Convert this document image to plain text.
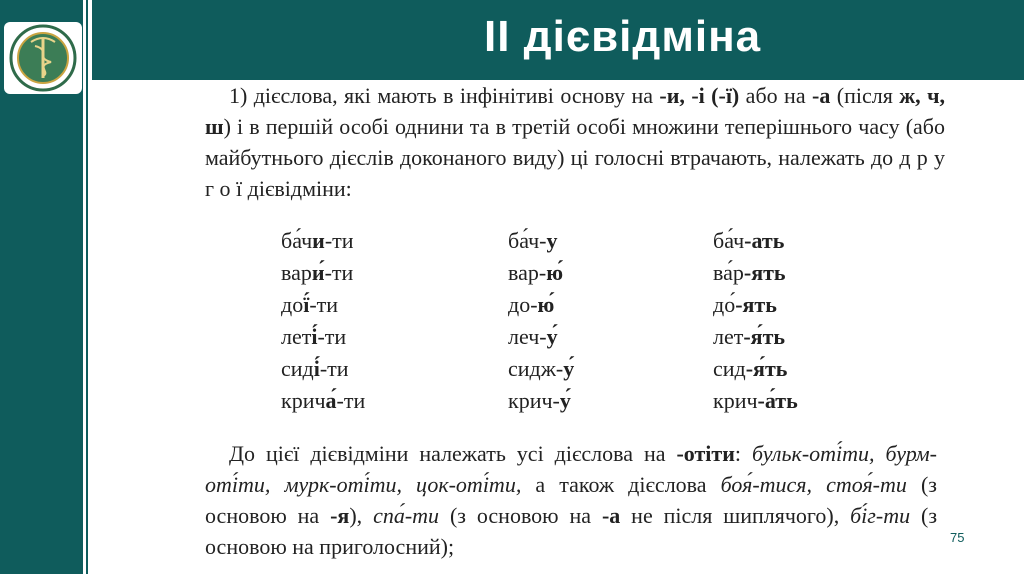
II дієвідміна

1) дієслова, які мають в інфінітиві основу на -и, -і (-ї) або на -а (після ж, ч, ш) і в першій особі однини та в третій особі множини теперішнього часу (або майбутнього дієслів доконаного виду) ці голосні втрачають, належать до д р у г о ї дієвідміни:

ба́чи-ти	ба́ч-у	ба́ч-ать
вари́-ти	вар-ю́	ва́р-ять
дої́-ти	до-ю́	до́-ять
леті́-ти	леч-у́	лет-я́ть
сиді́-ти	сидж-у́	сид-я́ть
крича́-ти	крич-у́	крич-а́ть

До цієї дієвідміни належать усі дієслова на -отіти: бульк-оті́ти, бурм-оті́ти, мурк-оті́ти, цок-оті́ти, а також дієслова боя́-тися, стоя́-ти (з основою на -я), спа́-ти (з основою на -а не після шиплячого), бі́г-ти (з основою на приголосний);	75
